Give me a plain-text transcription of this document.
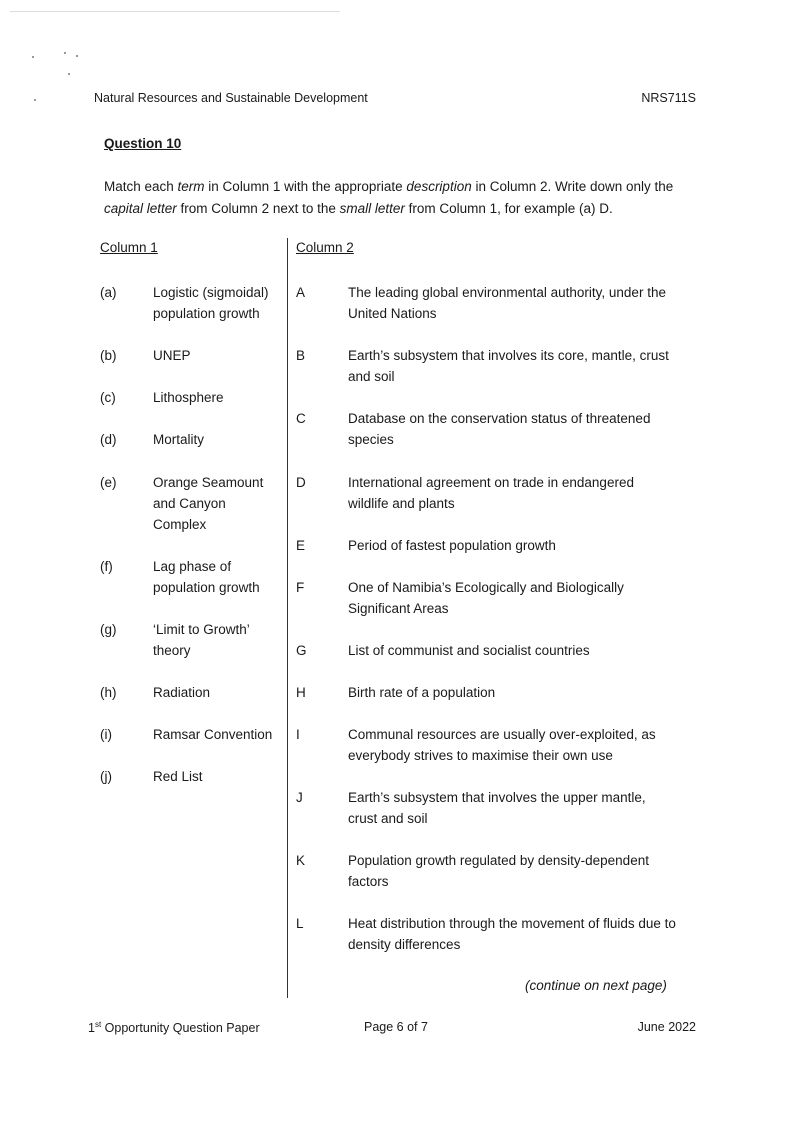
Natural Resources and Sustainable Development	NRS711S
Question 10
Match each term in Column 1 with the appropriate description in Column 2. Write down only the capital letter from Column 2 next to the small letter from Column 1, for example (a) D.
Column 1	Column 2
(a)	Logistic (sigmoidal) population growth
(b)	UNEP
(c)	Lithosphere
(d)	Mortality
(e)	Orange Seamount and Canyon Complex
(f)	Lag phase of population growth
(g)	‘Limit to Growth’ theory
(h)	Radiation
(i)	Ramsar Convention
(j)	Red List
A	The leading global environmental authority, under the United Nations
B	Earth’s subsystem that involves its core, mantle, crust and soil
C	Database on the conservation status of threatened species
D	International agreement on trade in endangered wildlife and plants
E	Period of fastest population growth
F	One of Namibia’s Ecologically and Biologically Significant Areas
G	List of communist and socialist countries
H	Birth rate of a population
I	Communal resources are usually over-exploited, as everybody strives to maximise their own use
J	Earth’s subsystem that involves the upper mantle, crust and soil
K	Population growth regulated by density-dependent factors
L	Heat distribution through the movement of fluids due to density differences
(continue on next page)
1st Opportunity Question Paper	Page 6 of 7	June 2022
